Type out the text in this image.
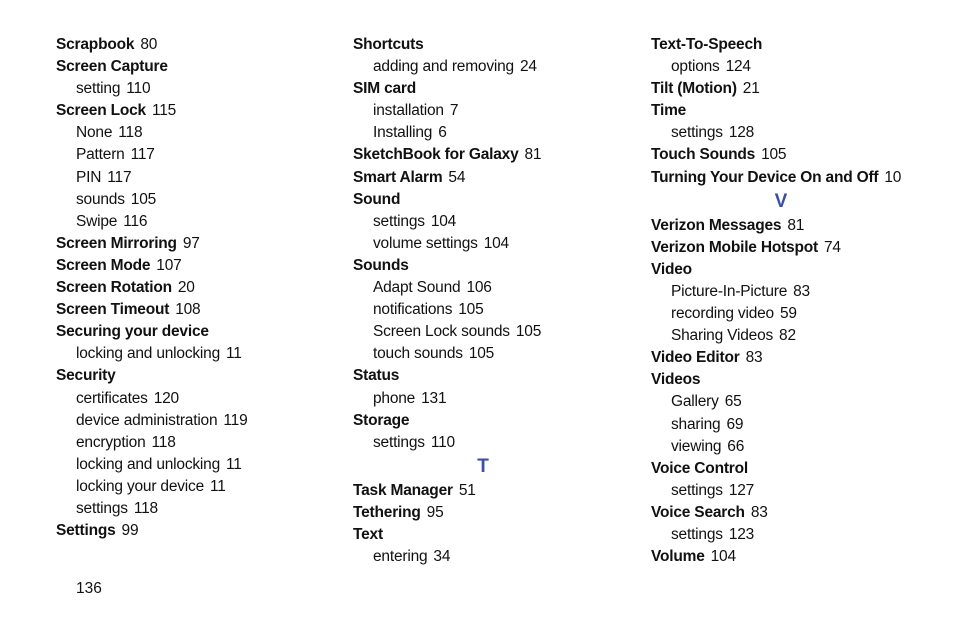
Scrapbook 80
Screen Capture
setting 110
Screen Lock 115
None 118
Pattern 117
PIN 117
sounds 105
Swipe 116
Screen Mirroring 97
Screen Mode 107
Screen Rotation 20
Screen Timeout 108
Securing your device
locking and unlocking 11
Security
certificates 120
device administration 119
encryption 118
locking and unlocking 11
locking your device 11
settings 118
Settings 99
Shortcuts
adding and removing 24
SIM card
installation 7
Installing 6
SketchBook for Galaxy 81
Smart Alarm 54
Sound
settings 104
volume settings 104
Sounds
Adapt Sound 106
notifications 105
Screen Lock sounds 105
touch sounds 105
Status
phone 131
Storage
settings 110
T
Task Manager 51
Tethering 95
Text
entering 34
Text-To-Speech
options 124
Tilt (Motion) 21
Time
settings 128
Touch Sounds 105
Turning Your Device On and Off 10
V
Verizon Messages 81
Verizon Mobile Hotspot 74
Video
Picture-In-Picture 83
recording video 59
Sharing Videos 82
Video Editor 83
Videos
Gallery 65
sharing 69
viewing 66
Voice Control
settings 127
Voice Search 83
settings 123
Volume 104
136
